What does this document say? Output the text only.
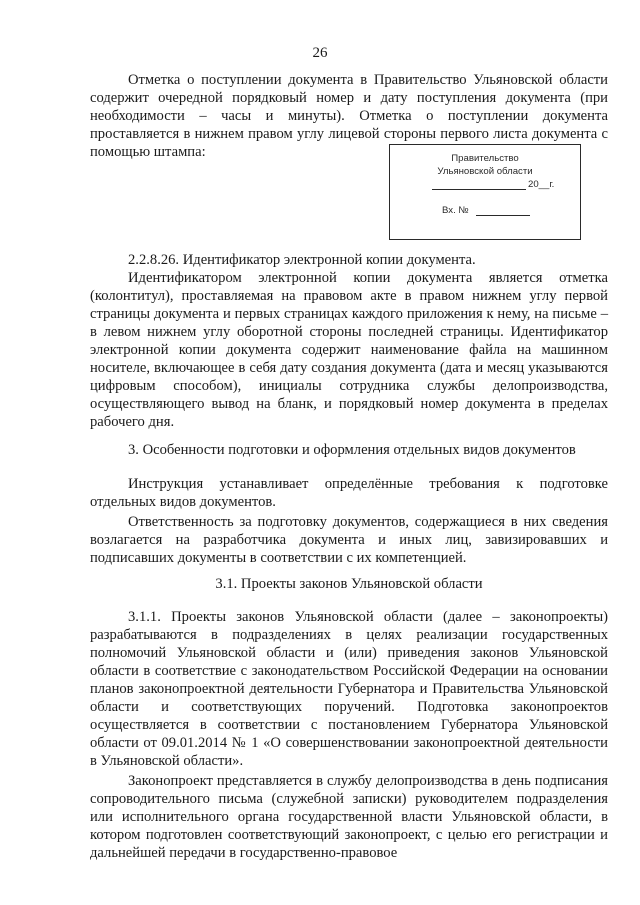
26

Отметка о поступлении документа в Правительство Ульяновской области содержит очередной порядковый номер и дату поступления документа (при необходимости – часы и минуты). Отметка о поступлении документа проставляется в нижнем правом углу лицевой стороны первого листа документа с помощью штампа:	Правительство
Ульяновской области
20__г.
Вх. №

2.2.8.26. Идентификатор электронной копии документа.

Идентификатором электронной копии документа является отметка (колонтитул), проставляемая на правовом акте в правом нижнем углу первой страницы документа и первых страницах каждого приложения к нему, на письме – в левом нижнем углу оборотной стороны последней страницы. Идентификатор электронной копии документа содержит наименование файла на машинном носителе, включающее в себя дату создания документа (дата и месяц указываются цифровым способом), инициалы сотрудника службы делопроизводства, осуществляющего вывод на бланк, и порядковый номер документа в пределах рабочего дня.

3. Особенности подготовки и оформления отдельных видов документов

Инструкция устанавливает определённые требования к подготовке отдельных видов документов.

Ответственность за подготовку документов, содержащиеся в них сведения возлагается на разработчика документа и иных лиц, завизировавших и подписавших документы в соответствии с их компетенцией.

3.1. Проекты законов Ульяновской области

3.1.1. Проекты законов Ульяновской области (далее – законопроекты) разрабатываются в подразделениях в целях реализации государственных полномочий Ульяновской области и (или) приведения законов Ульяновской области в соответствие с законодательством Российской Федерации на основании планов законопроектной деятельности Губернатора и Правительства Ульяновской области и соответствующих поручений. Подготовка законопроектов осуществляется в соответствии с постановлением Губернатора Ульяновской области от 09.01.2014 № 1 «О совершенствовании законопроектной деятельности в Ульяновской области».

Законопроект представляется в службу делопроизводства в день подписания сопроводительного письма (служебной записки) руководителем подразделения или исполнительного органа государственной власти Ульяновской области, в котором подготовлен соответствующий законопроект, с целью его регистрации и дальнейшей передачи в государственно-правовое
